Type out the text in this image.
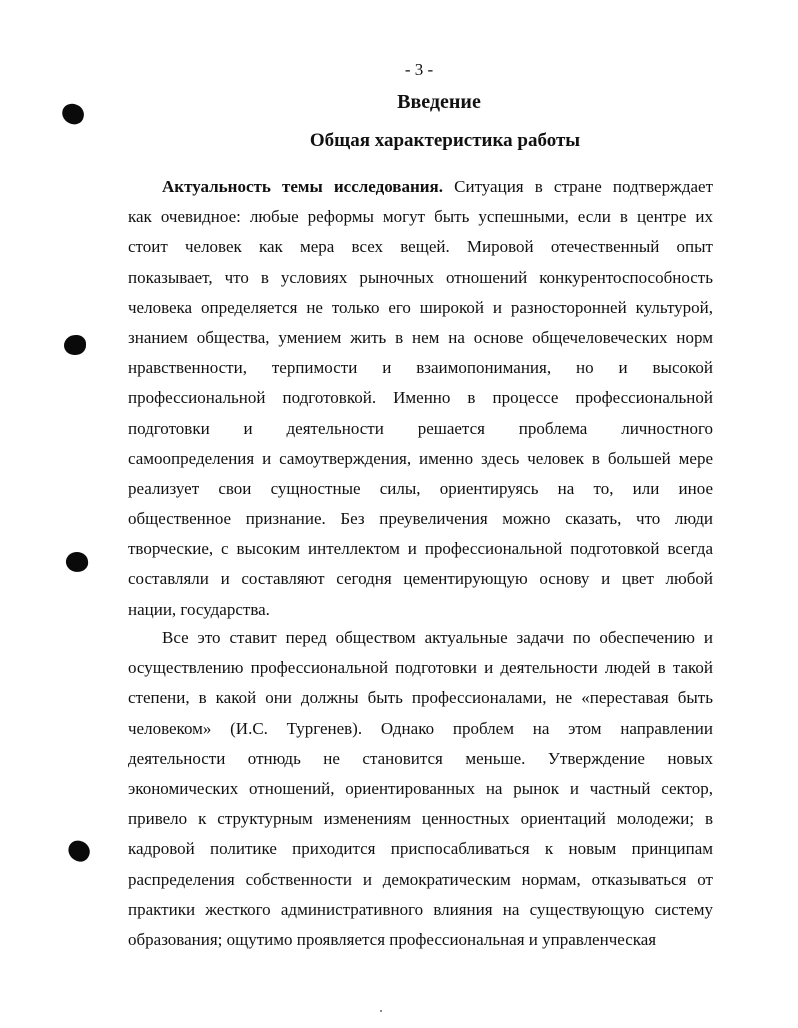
- 3 -
Введение
Общая характеристика работы
Актуальность темы исследования. Ситуация в стране подтверждает
как очевидное: любые реформы могут быть успешными, если в центре их
стоит человек как мера всех вещей. Мировой отечественный опыт
показывает, что в условиях рыночных отношений конкурентоспособность
человека определяется не только его широкой и разносторонней культурой,
знанием общества, умением жить в нем на основе общечеловеческих норм
нравственности, терпимости и взаимопонимания, но и высокой
профессиональной подготовкой. Именно в процессе профессиональной
подготовки и деятельности решается проблема личностного
самоопределения и самоутверждения, именно здесь человек в большей мере
реализует свои сущностные силы, ориентируясь на то, или иное
общественное признание. Без преувеличения можно сказать, что люди
творческие, с высоким интеллектом и профессиональной подготовкой всегда
составляли и составляют сегодня цементирующую основу и цвет любой
нации, государства.
Все это ставит перед обществом актуальные задачи по обеспечению и
осуществлению профессиональной подготовки и деятельности людей в такой
степени, в какой они должны быть профессионалами, не «переставая быть
человеком» (И.С. Тургенев). Однако проблем на этом направлении
деятельности отнюдь не становится меньше. Утверждение новых
экономических отношений, ориентированных на рынок и частный сектор,
привело к структурным изменениям ценностных ориентаций молодежи; в
кадровой политике приходится приспосабливаться к новым принципам
распределения собственности и демократическим нормам, отказываться от
практики жесткого административного влияния на существующую систему
образования; ощутимо проявляется профессиональная и управленческая
